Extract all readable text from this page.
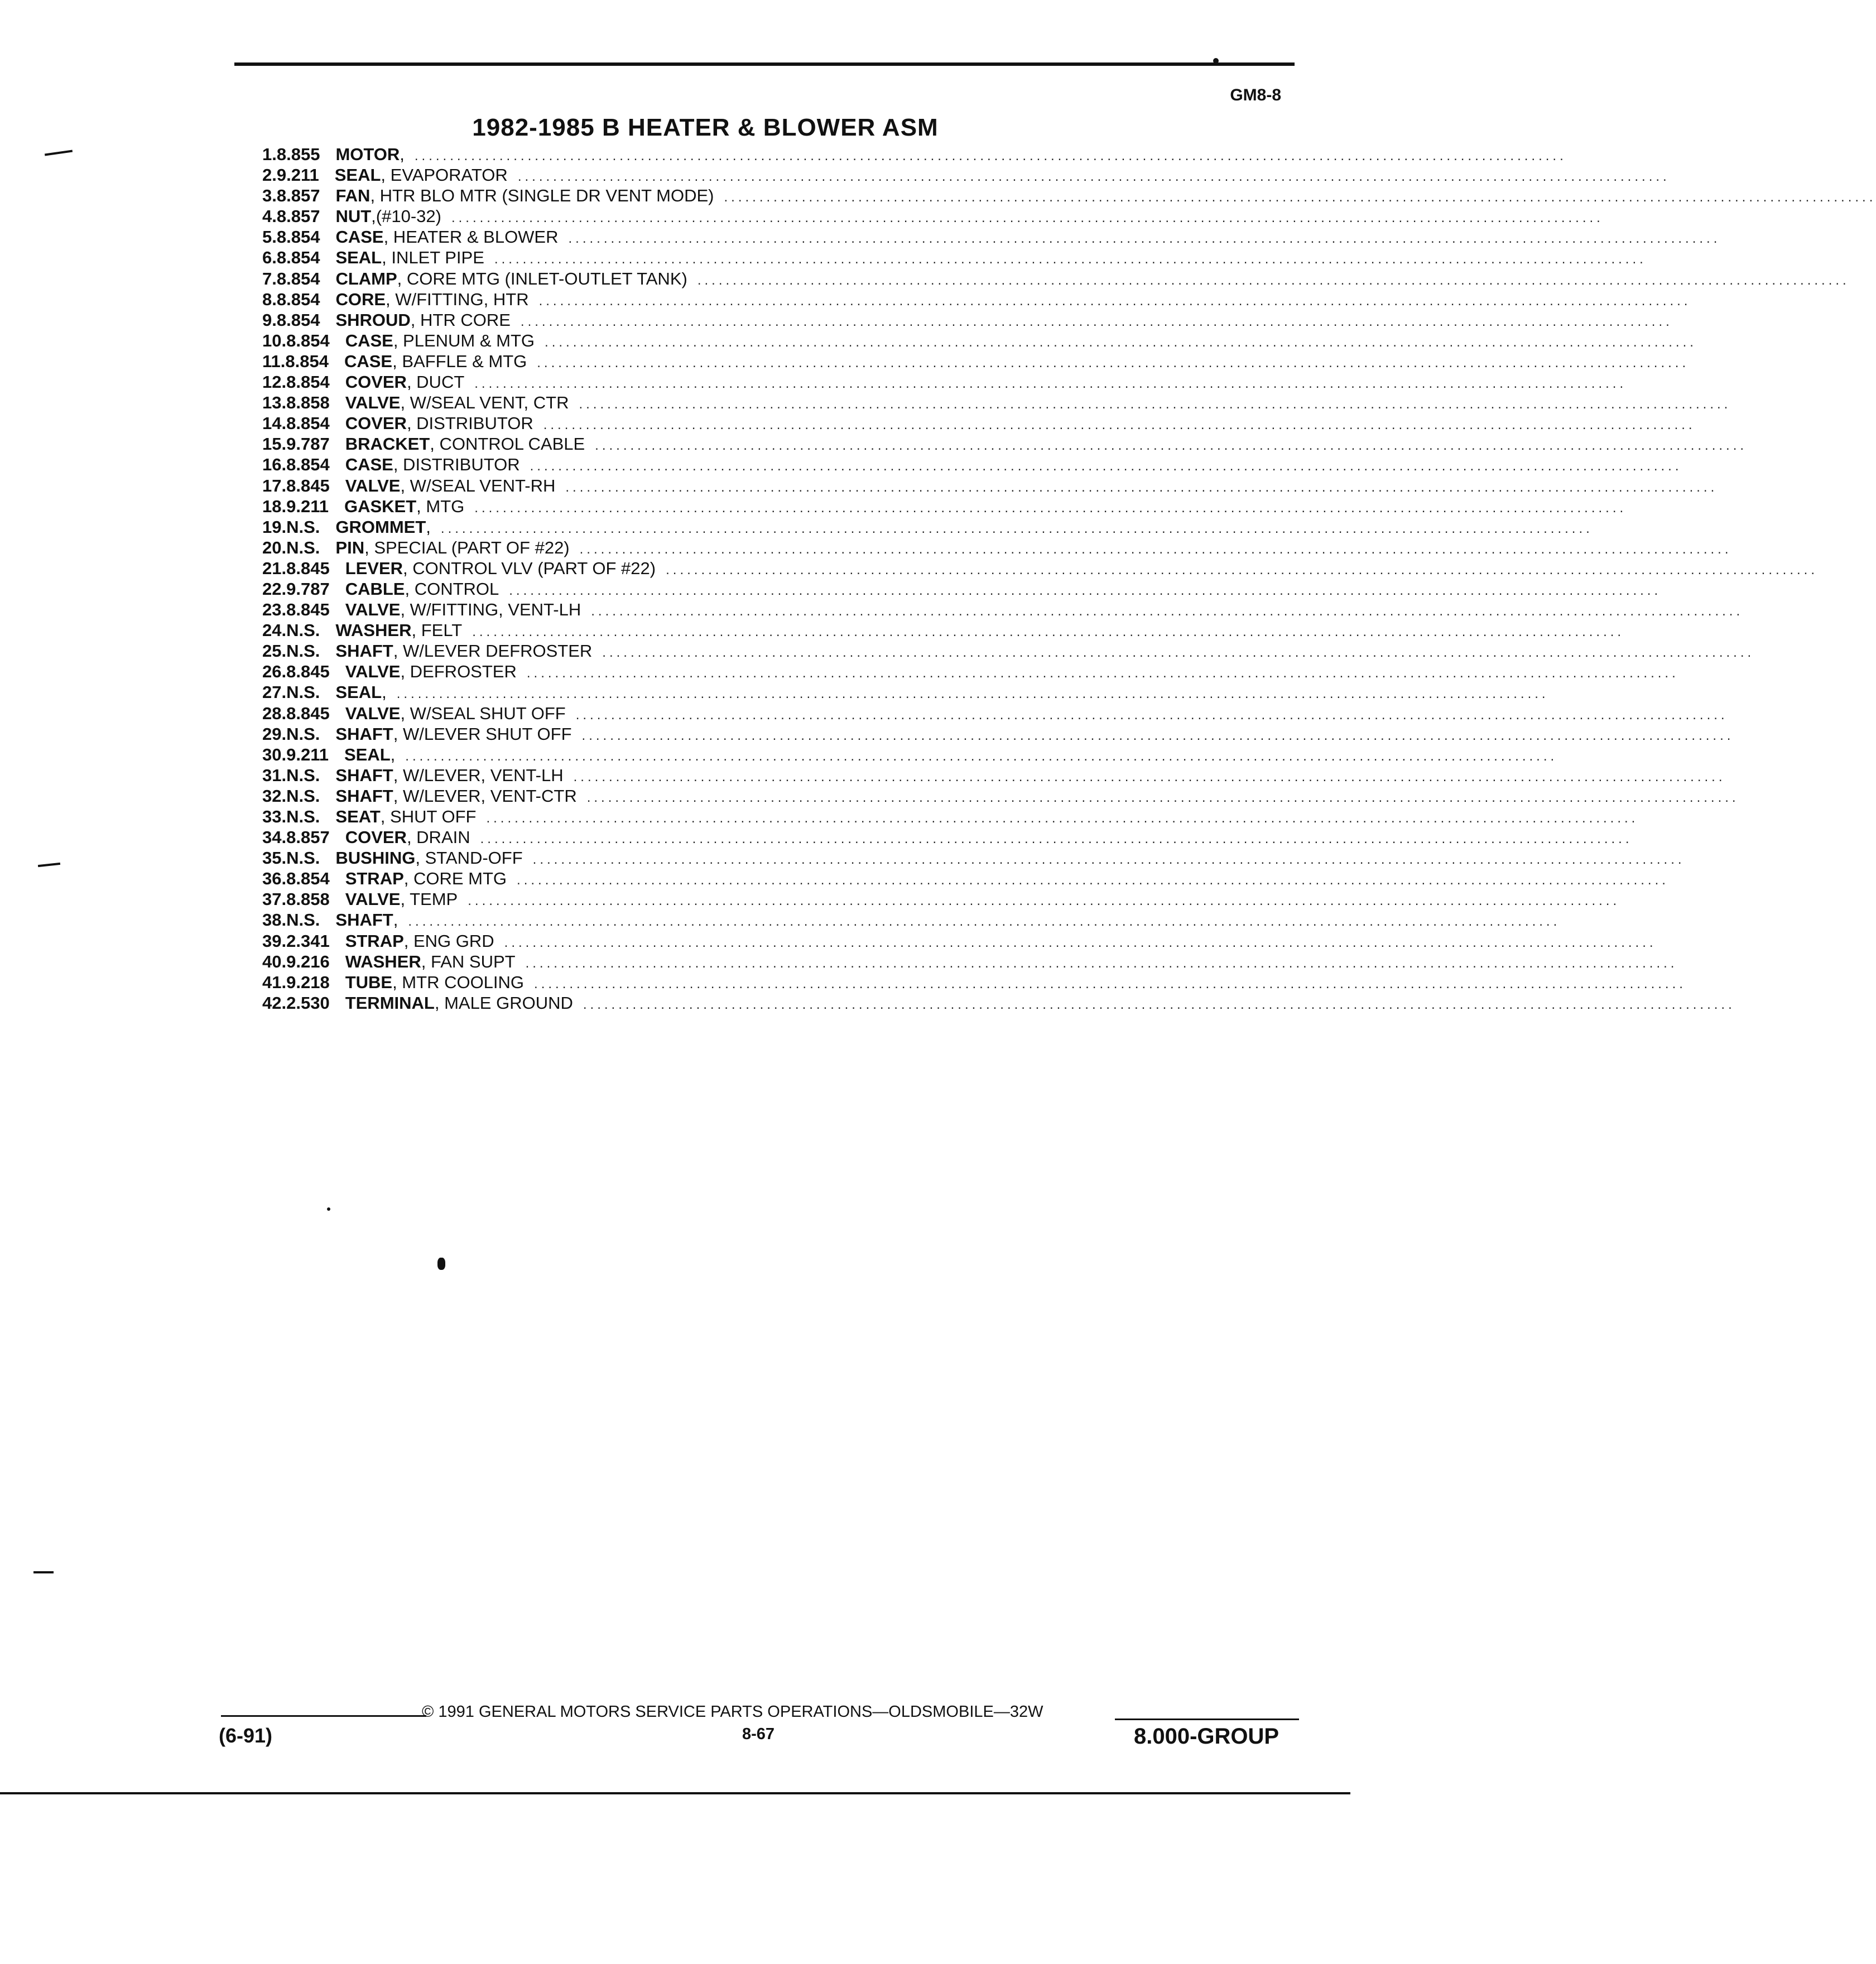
GM8-8
1982-1985 B HEATER & BLOWER ASM
1. 8.855 MOTOR , ...................................................................................................................................................................
2. 9.211 SEAL , EVAPORATOR ...................................................................................................................................................................
3. 8.857 FAN , HTR BLO MTR (SINGLE DR VENT MODE) ...................................................................................................................................................................
4. 8.857 NUT ,(#10-32) ...................................................................................................................................................................
5. 8.854 CASE , HEATER & BLOWER ...................................................................................................................................................................
6. 8.854 SEAL , INLET PIPE ...................................................................................................................................................................
7. 8.854 CLAMP , CORE MTG (INLET-OUTLET TANK) ...................................................................................................................................................................
8. 8.854 CORE , W/FITTING, HTR ...................................................................................................................................................................
9. 8.854 SHROUD , HTR CORE ...................................................................................................................................................................
10. 8.854 CASE , PLENUM & MTG ...................................................................................................................................................................
11. 8.854 CASE , BAFFLE & MTG ...................................................................................................................................................................
12. 8.854 COVER , DUCT ...................................................................................................................................................................
13. 8.858 VALVE , W/SEAL VENT, CTR ...................................................................................................................................................................
14. 8.854 COVER , DISTRIBUTOR ...................................................................................................................................................................
15. 9.787 BRACKET , CONTROL CABLE ...................................................................................................................................................................
16. 8.854 CASE , DISTRIBUTOR ...................................................................................................................................................................
17. 8.845 VALVE , W/SEAL VENT-RH ...................................................................................................................................................................
18. 9.211 GASKET , MTG ...................................................................................................................................................................
19. N.S. GROMMET , ...................................................................................................................................................................
20. N.S. PIN , SPECIAL (PART OF #22) ...................................................................................................................................................................
21. 8.845 LEVER , CONTROL VLV (PART OF #22) ...................................................................................................................................................................
22. 9.787 CABLE , CONTROL ...................................................................................................................................................................
23. 8.845 VALVE , W/FITTING, VENT-LH ...................................................................................................................................................................
24. N.S. WASHER , FELT ...................................................................................................................................................................
25. N.S. SHAFT , W/LEVER DEFROSTER ...................................................................................................................................................................
26. 8.845 VALVE , DEFROSTER ...................................................................................................................................................................
27. N.S. SEAL , ...................................................................................................................................................................
28. 8.845 VALVE , W/SEAL SHUT OFF ...................................................................................................................................................................
29. N.S. SHAFT , W/LEVER SHUT OFF ...................................................................................................................................................................
30. 9.211 SEAL , ...................................................................................................................................................................
31. N.S. SHAFT , W/LEVER, VENT-LH ...................................................................................................................................................................
32. N.S. SHAFT , W/LEVER, VENT-CTR ...................................................................................................................................................................
33. N.S. SEAT , SHUT OFF ...................................................................................................................................................................
34. 8.857 COVER , DRAIN ...................................................................................................................................................................
35. N.S. BUSHING , STAND-OFF ...................................................................................................................................................................
36. 8.854 STRAP , CORE MTG ...................................................................................................................................................................
37. 8.858 VALVE , TEMP ...................................................................................................................................................................
38. N.S. SHAFT , ...................................................................................................................................................................
39. 2.341 STRAP , ENG GRD ...................................................................................................................................................................
40. 9.216 WASHER , FAN SUPT ...................................................................................................................................................................
41. 9.218 TUBE , MTR COOLING ...................................................................................................................................................................
42. 2.530 TERMINAL , MALE GROUND ...................................................................................................................................................................
© 1991 GENERAL MOTORS SERVICE PARTS OPERATIONS—OLDSMOBILE—32W
(6-91)	8-67	8.000-GROUP
